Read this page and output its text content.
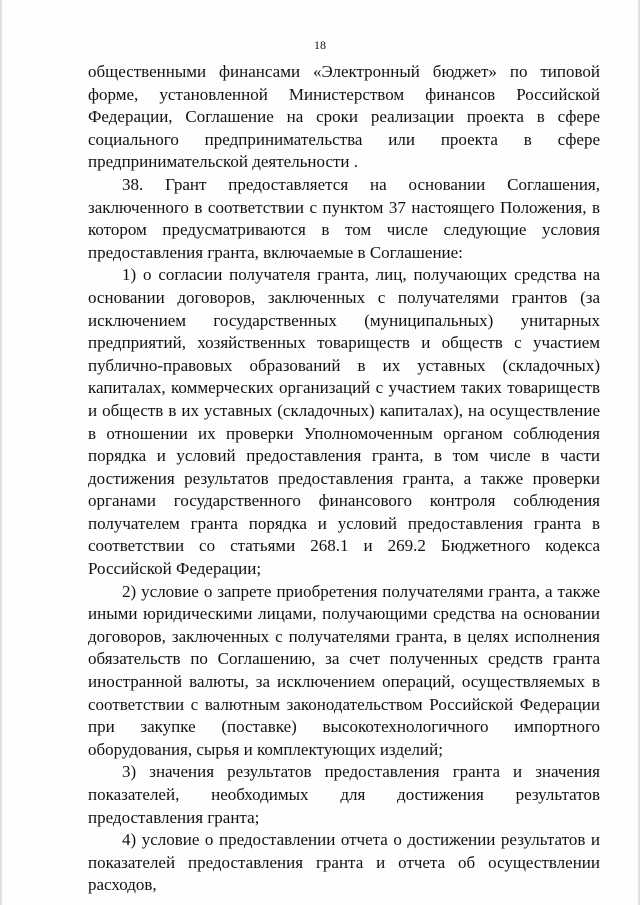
18

общественными финансами «Электронный бюджет» по типовой форме, установленной Министерством финансов Российской Федерации, Соглашение на сроки реализации проекта в сфере социального предпринимательства или проекта в сфере предпринимательской деятельности .

38. Грант предоставляется на основании Соглашения, заключенного в соответствии с пунктом 37 настоящего Положения, в котором предусматриваются в том числе следующие условия предоставления гранта, включаемые в Соглашение:

1) о согласии получателя гранта, лиц, получающих средства на основании договоров, заключенных с получателями грантов (за исключением государственных (муниципальных) унитарных предприятий, хозяйственных товариществ и обществ с участием публично-правовых образований в их уставных (складочных) капиталах, коммерческих организаций с участием таких товариществ и обществ в их уставных (складочных) капиталах), на осуществление в отношении их проверки Уполномоченным органом соблюдения порядка и условий предоставления гранта, в том числе в части достижения результатов предоставления гранта, а также проверки органами государственного финансового контроля соблюдения получателем гранта порядка и условий предоставления гранта в соответствии со статьями 268.1 и 269.2 Бюджетного кодекса Российской Федерации;

2) условие о запрете приобретения получателями гранта, а также иными юридическими лицами, получающими средства на основании договоров, заключенных с получателями гранта, в целях исполнения обязательств по Соглашению, за счет полученных средств гранта иностранной валюты, за исключением операций, осуществляемых в соответствии с валютным законодательством Российской Федерации при закупке (поставке) высокотехнологичного импортного оборудования, сырья и комплектующих изделий;

3) значения результатов предоставления гранта и значения показателей, необходимых для достижения результатов предоставления гранта;

4) условие о предоставлении отчета о достижении результатов и показателей предоставления гранта и отчета об осуществлении расходов,
